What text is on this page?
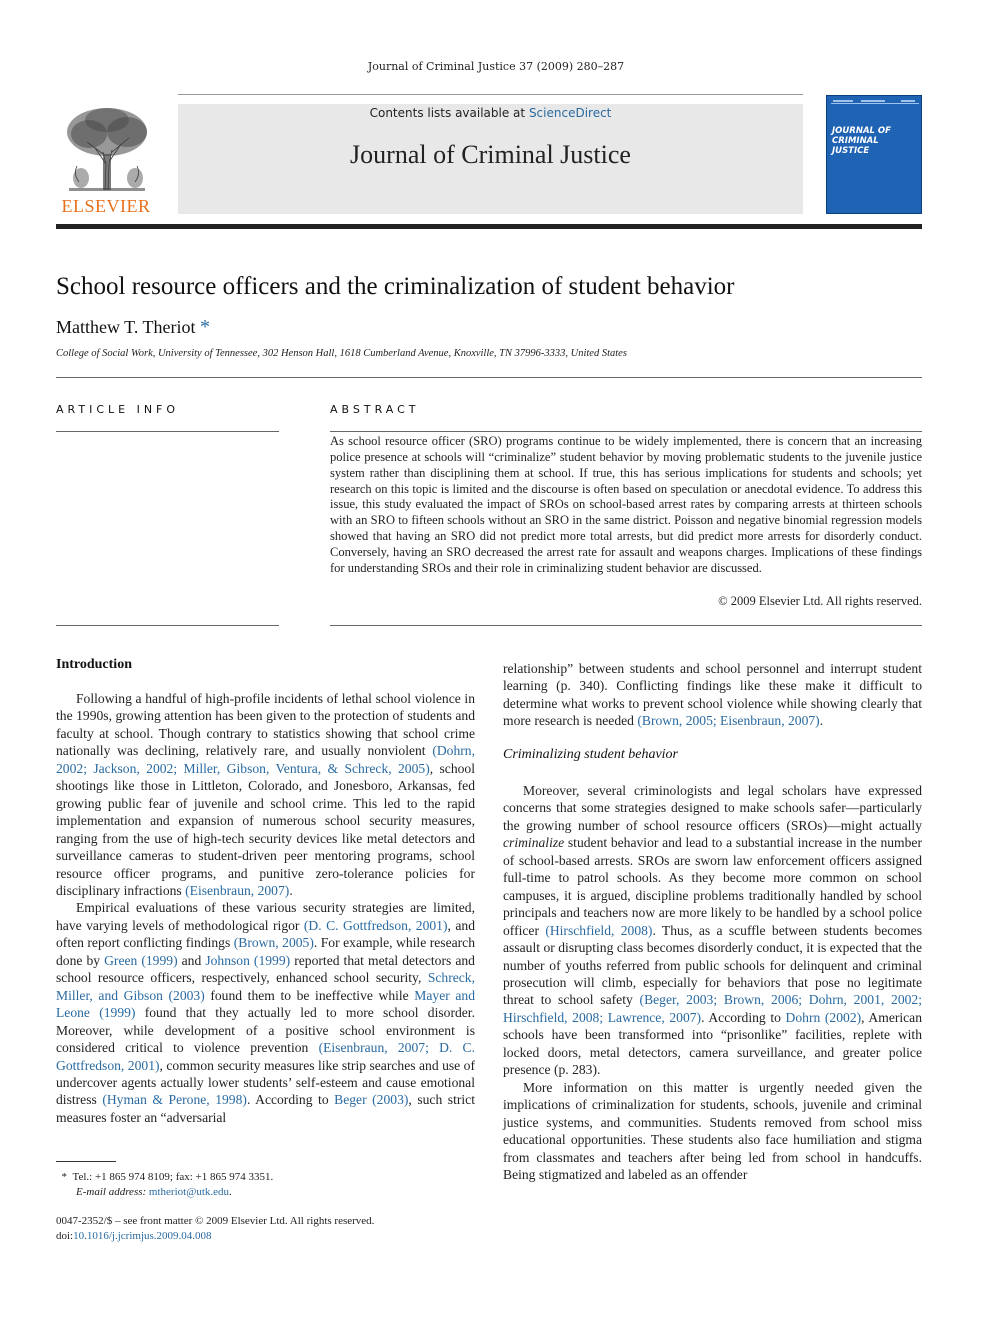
Journal of Criminal Justice 37 (2009) 280–287
ELSEVIER
Contents lists available at ScienceDirect
Journal of Criminal Justice
JOURNAL OF CRIMINAL JUSTICE
School resource officers and the criminalization of student behavior
Matthew T. Theriot *
College of Social Work, University of Tennessee, 302 Henson Hall, 1618 Cumberland Avenue, Knoxville, TN 37996-3333, United States
ARTICLE INFO	ABSTRACT
As school resource officer (SRO) programs continue to be widely implemented, there is concern that an increasing police presence at schools will “criminalize” student behavior by moving problematic students to the juvenile justice system rather than disciplining them at school. If true, this has serious implications for students and schools; yet research on this topic is limited and the discourse is often based on speculation or anecdotal evidence. To address this issue, this study evaluated the impact of SROs on school-based arrest rates by comparing arrests at thirteen schools with an SRO to fifteen schools without an SRO in the same district. Poisson and negative binomial regression models showed that having an SRO did not predict more total arrests, but did predict more arrests for disorderly conduct. Conversely, having an SRO decreased the arrest rate for assault and weapons charges. Implications of these findings for understanding SROs and their role in criminalizing student behavior are discussed.
© 2009 Elsevier Ltd. All rights reserved.
Introduction

Following a handful of high-profile incidents of lethal school violence in the 1990s, growing attention has been given to the protection of students and faculty at school. Though contrary to statistics showing that school crime nationally was declining, relatively rare, and usually nonviolent (Dohrn, 2002; Jackson, 2002; Miller, Gibson, Ventura, & Schreck, 2005), school shootings like those in Littleton, Colorado, and Jonesboro, Arkansas, fed growing public fear of juvenile and school crime. This led to the rapid implementation and expansion of numerous school security measures, ranging from the use of high-tech security devices like metal detectors and surveillance cameras to student-driven peer mentoring programs, school resource officer programs, and punitive zero-tolerance policies for disciplinary infractions (Eisenbraun, 2007).

Empirical evaluations of these various security strategies are limited, have varying levels of methodological rigor (D. C. Gottfredson, 2001), and often report conflicting findings (Brown, 2005). For example, while research done by Green (1999) and Johnson (1999) reported that metal detectors and school resource officers, respectively, enhanced school security, Schreck, Miller, and Gibson (2003) found them to be ineffective while Mayer and Leone (1999) found that they actually led to more school disorder. Moreover, while development of a positive school environment is considered critical to violence prevention (Eisenbraun, 2007; D. C. Gottfredson, 2001), common security measures like strip searches and use of undercover agents actually lower students’ self-esteem and cause emotional distress (Hyman & Perone, 1998). According to Beger (2003), such strict measures foster an “adversarial

relationship” between students and school personnel and interrupt student learning (p. 340). Conflicting findings like these make it difficult to determine what works to prevent school violence while showing clearly that more research is needed (Brown, 2005; Eisenbraun, 2007).

Criminalizing student behavior

Moreover, several criminologists and legal scholars have expressed concerns that some strategies designed to make schools safer—particularly the growing number of school resource officers (SROs)—might actually criminalize student behavior and lead to a substantial increase in the number of school-based arrests. SROs are sworn law enforcement officers assigned full-time to patrol schools. As they become more common on school campuses, it is argued, discipline problems traditionally handled by school principals and teachers now are more likely to be handled by a school police officer (Hirschfield, 2008). Thus, as a scuffle between students becomes assault or disrupting class becomes disorderly conduct, it is expected that the number of youths referred from public schools for delinquent and criminal prosecution will climb, especially for behaviors that pose no legitimate threat to school safety (Beger, 2003; Brown, 2006; Dohrn, 2001, 2002; Hirschfield, 2008; Lawrence, 2007). According to Dohrn (2002), American schools have been transformed into “prisonlike” facilities, replete with locked doors, metal detectors, camera surveillance, and greater police presence (p. 283).

More information on this matter is urgently needed given the implications of criminalization for students, schools, juvenile and criminal justice systems, and communities. Students removed from school miss educational opportunities. These students also face humiliation and stigma from classmates and teachers after being led from school in handcuffs. Being stigmatized and labeled as an offender

* Tel.: +1 865 974 8109; fax: +1 865 974 3351.
E-mail address: mtheriot@utk.edu.
0047-2352/$ – see front matter © 2009 Elsevier Ltd. All rights reserved.
doi:10.1016/j.jcrimjus.2009.04.008
